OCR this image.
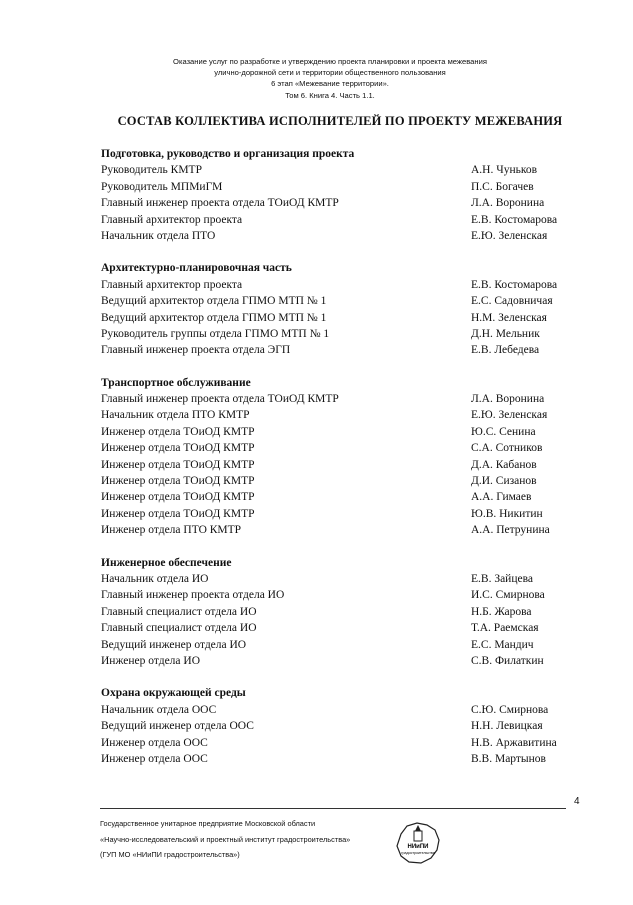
Оказание услуг по разработке и утверждению проекта планировки и проекта межевания
улично-дорожной сети и территории общественного пользования
6 этап «Межевание территории».
Том 6. Книга 4. Часть 1.1.
СОСТАВ КОЛЛЕКТИВА ИСПОЛНИТЕЛЕЙ ПО ПРОЕКТУ МЕЖЕВАНИЯ
Подготовка, руководство и организация проекта
Руководитель КМТР	А.Н. Чуньков
Руководитель МПМиГМ	П.С. Богачев
Главный инженер проекта отдела ТОиОД КМТР	Л.А. Воронина
Главный архитектор проекта	Е.В. Костомарова
Начальник отдела ПТО	Е.Ю. Зеленская
Архитектурно-планировочная часть
Главный архитектор проекта	Е.В. Костомарова
Ведущий архитектор отдела ГПМО МТП № 1	Е.С. Садовничая
Ведущий архитектор отдела ГПМО МТП № 1	Н.М. Зеленская
Руководитель группы отдела ГПМО МТП № 1	Д.Н. Мельник
Главный инженер проекта отдела ЭГП	Е.В. Лебедева
Транспортное обслуживание
Главный инженер проекта отдела ТОиОД КМТР	Л.А. Воронина
Начальник отдела ПТО КМТР	Е.Ю. Зеленская
Инженер отдела ТОиОД КМТР	Ю.С. Сенина
Инженер отдела ТОиОД КМТР	С.А. Сотников
Инженер отдела ТОиОД КМТР	Д.А. Кабанов
Инженер отдела ТОиОД КМТР	Д.И. Сизанов
Инженер отдела ТОиОД КМТР	А.А. Гимаев
Инженер отдела ТОиОД КМТР	Ю.В. Никитин
Инженер отдела ПТО КМТР	А.А. Петрунина
Инженерное обеспечение
Начальник отдела ИО	Е.В. Зайцева
Главный инженер проекта отдела ИО	И.С. Смирнова
Главный специалист отдела ИО	Н.Б. Жарова
Главный специалист отдела ИО	Т.А. Раемская
Ведущий инженер отдела ИО	Е.С. Мандич
Инженер отдела ИО	С.В. Филаткин
Охрана окружающей среды
Начальник отдела ООС	С.Ю. Смирнова
Ведущий инженер отдела ООС	Н.Н. Левицкая
Инженер отдела ООС	Н.В. Аржавитина
Инженер отдела ООС	В.В. Мартынов
4
Государственное унитарное предприятие Московской области
«Научно-исследовательский и проектный институт градостроительства»
(ГУП МО «НИиПИ градостроительства»)
НИиПИ
градостроительства
